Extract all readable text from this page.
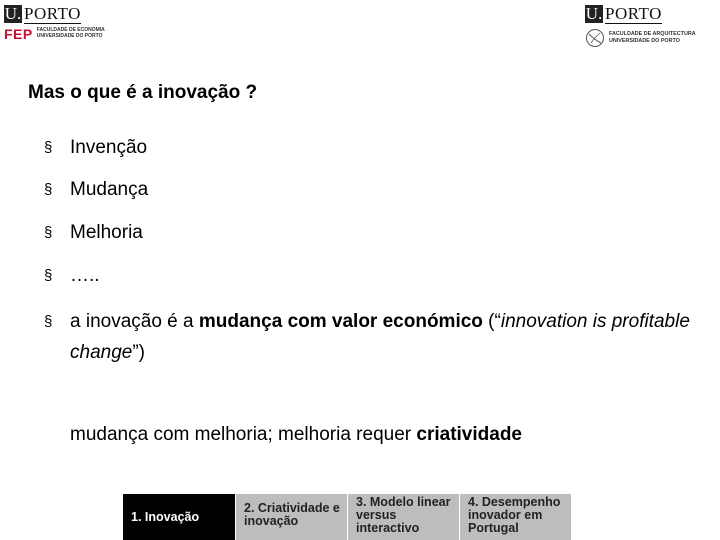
U. PORTO
FEP FACULDADE DE ECONOMIA
UNIVERSIDADE DO PORTO
U. PORTO
FACULDADE DE ARQUITECTURA
UNIVERSIDADE DO PORTO
Mas o que é a inovação ?
§ Invenção
§ Mudança
§ Melhoria
§ …..
§ a inovação é a mudança com valor económico (“innovation is profitable change”)
mudança com melhoria; melhoria requer criatividade
1. Inovação
2. Criatividade e inovação
3. Modelo linear versus interactivo
4. Desempenho inovador em Portugal
